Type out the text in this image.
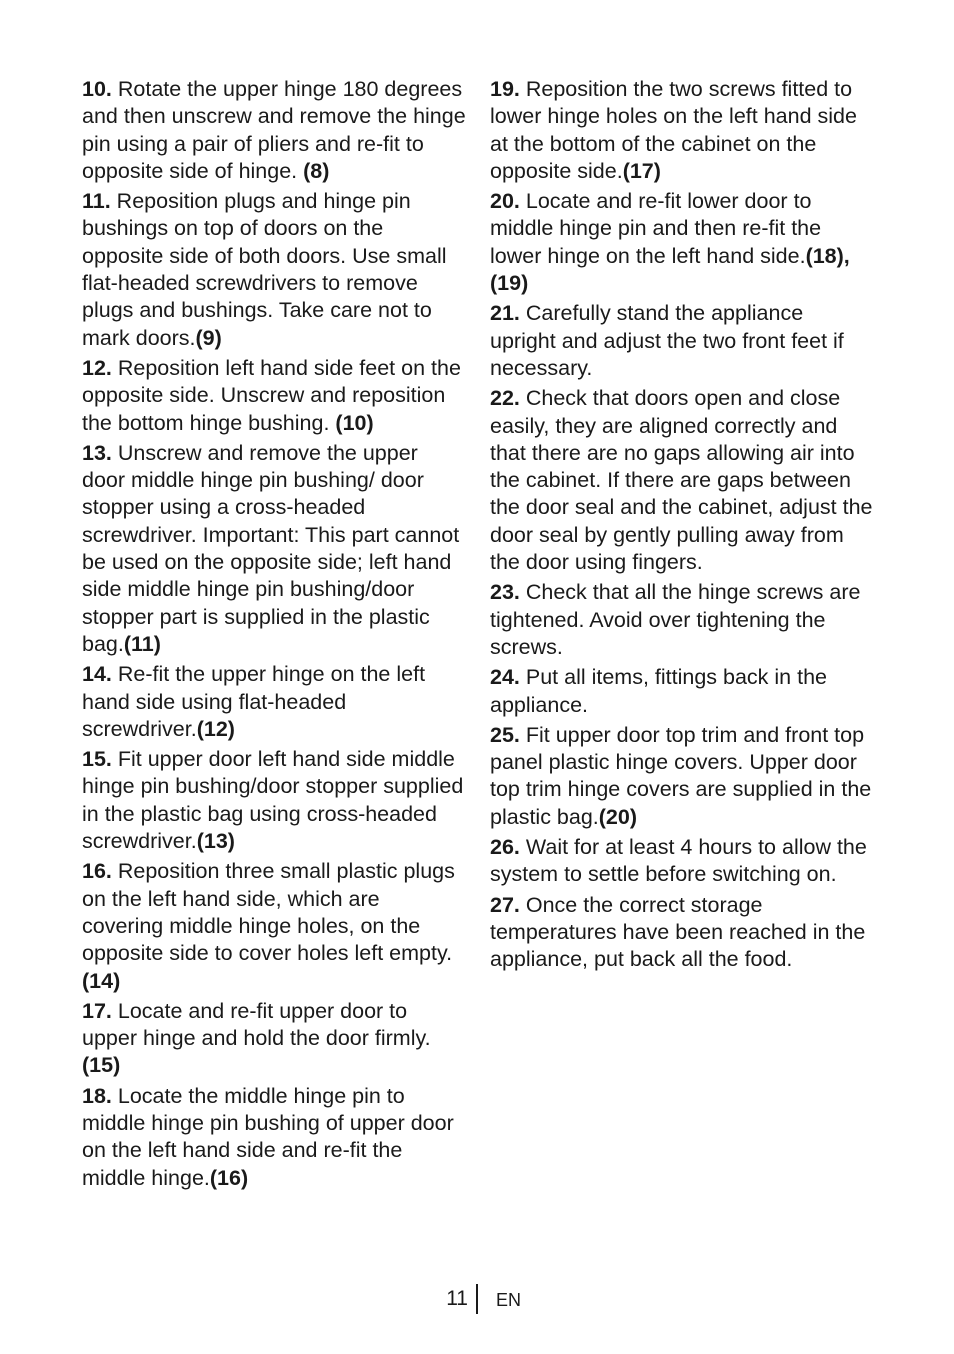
10. Rotate the upper hinge 180 degrees and then unscrew and remove the hinge pin using a pair of pliers and re-fit to opposite side of hinge. (8)

11. Reposition plugs and hinge pin bushings on top of doors on the opposite side of both doors. Use small flat-headed screwdrivers to remove plugs and bushings. Take care not to mark doors.(9)

12. Reposition left hand side feet on the opposite side. Unscrew and reposition the bottom hinge bushing. (10)

13. Unscrew and remove the upper door middle hinge pin bushing/ door stopper using a cross-headed screwdriver. Important: This part cannot be used on the opposite side; left hand side middle hinge pin bushing/door stopper part is supplied in the plastic bag.(11)

14. Re-fit the upper hinge on the left hand side using flat-headed screwdriver.(12)

15. Fit upper door left hand side middle hinge pin bushing/door stopper supplied in the plastic bag using cross-headed screwdriver.(13)

16. Reposition three small plastic plugs on the left hand side, which are covering middle hinge holes, on the opposite side to cover holes left empty.(14)

17. Locate and re-fit upper door to upper hinge and hold the door firmly. (15)

18. Locate the middle hinge pin to middle hinge pin bushing of upper door on the left hand side and re-fit the middle hinge.(16)

19. Reposition the two screws fitted to lower hinge holes on the left hand side at the bottom of the cabinet on the opposite side.(17)

20. Locate and re-fit lower door to middle hinge pin and then re-fit the lower hinge on the left hand side.(18), (19)

21. Carefully stand the appliance upright and adjust the two front feet if necessary.

22. Check that doors open and close easily, they are aligned correctly and that there are no gaps allowing air into the cabinet. If there are gaps between the door seal and the cabinet, adjust the door seal by gently pulling away from the door using fingers.

23. Check that all the hinge screws are tightened. Avoid over tightening the screws.

24. Put all items, fittings back in the appliance.

25. Fit upper door top trim and front top panel plastic hinge covers. Upper door top trim hinge covers are supplied in the plastic bag.(20)

26. Wait for at least 4 hours to allow the system to settle before switching on.

27. Once the correct storage temperatures have been reached in the appliance, put back all the food.

11 EN
